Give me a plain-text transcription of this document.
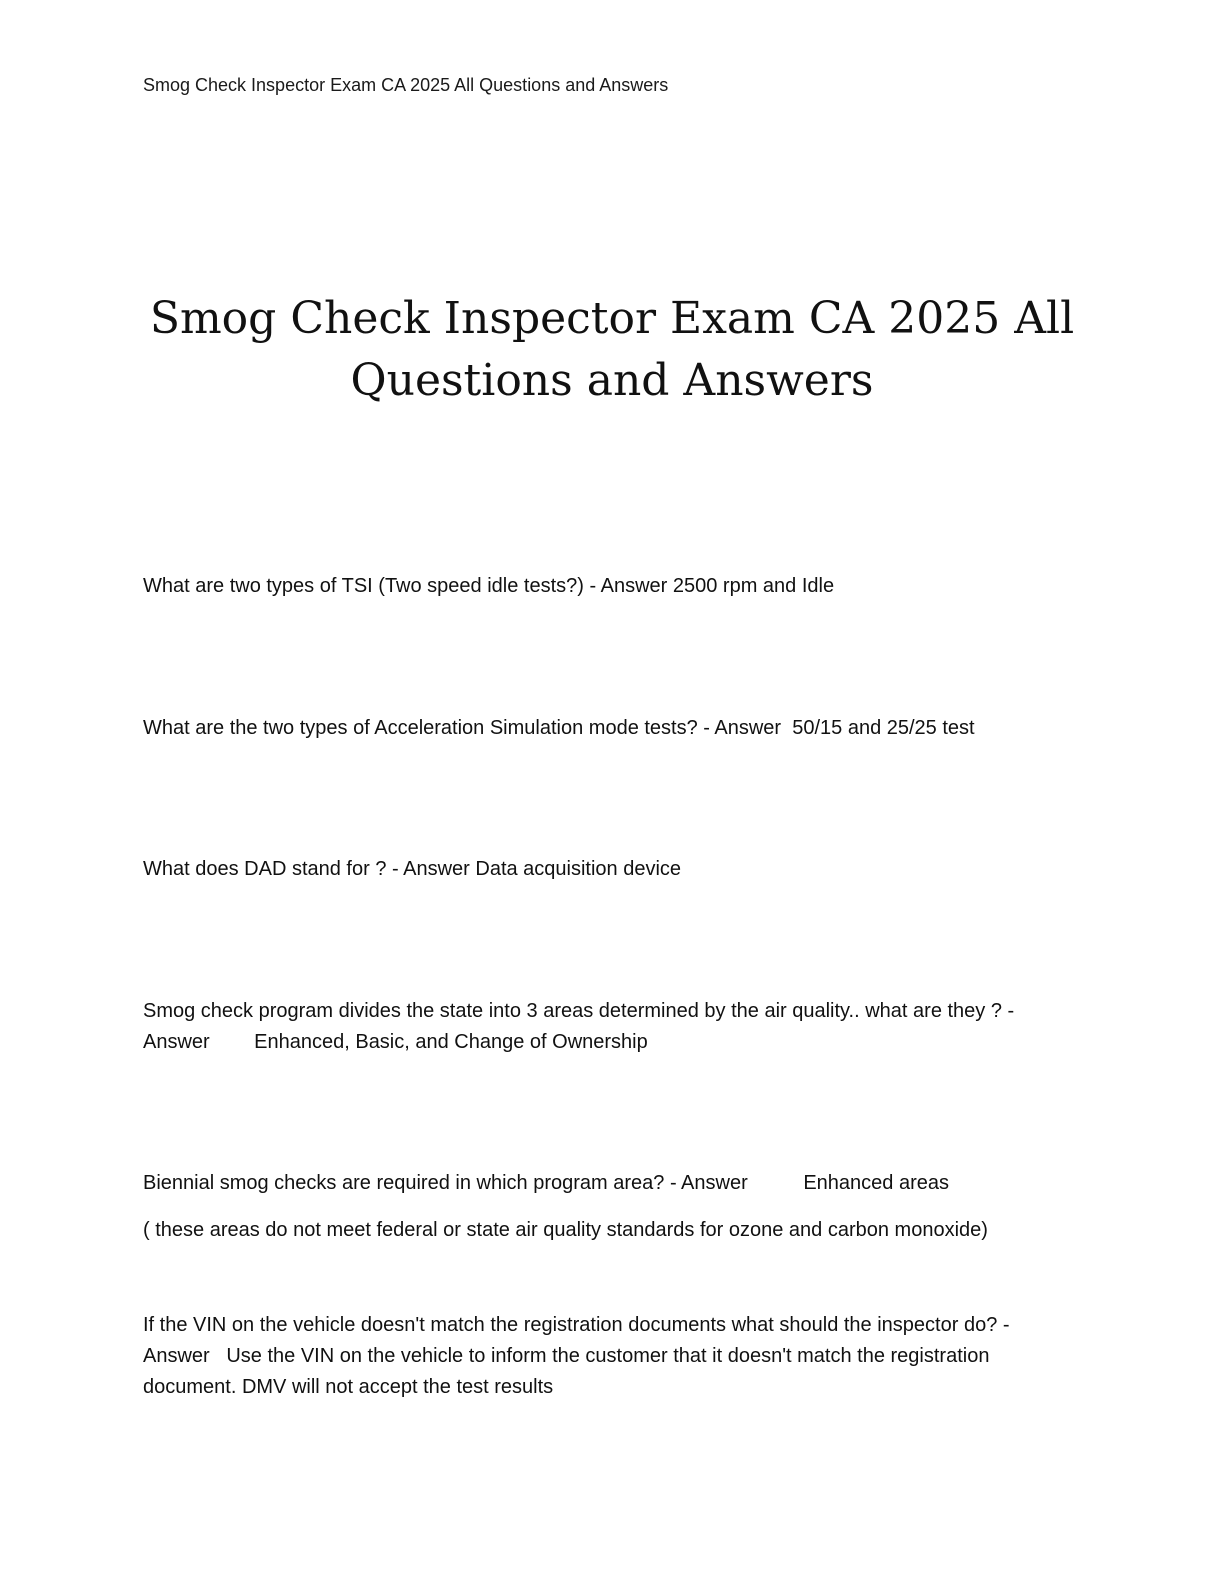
Smog Check Inspector Exam CA 2025 All Questions and Answers
Smog Check Inspector Exam CA 2025 All
Questions and Answers

What are two types of TSI (Two speed idle tests?) - Answer 2500 rpm and Idle

What are the two types of Acceleration Simulation mode tests? - Answer  50/15 and 25/25 test

What does DAD stand for ? - Answer Data acquisition device

Smog check program divides the state into 3 areas determined by the air quality.. what are they ? - Answer        Enhanced, Basic, and Change of Ownership

Biennial smog checks are required in which program area? - Answer          Enhanced areas

( these areas do not meet federal or state air quality standards for ozone and carbon monoxide)

If the VIN on the vehicle doesn't match the registration documents what should the inspector do? - Answer   Use the VIN on the vehicle to inform the customer that it doesn't match the registration document. DMV will not accept the test results
